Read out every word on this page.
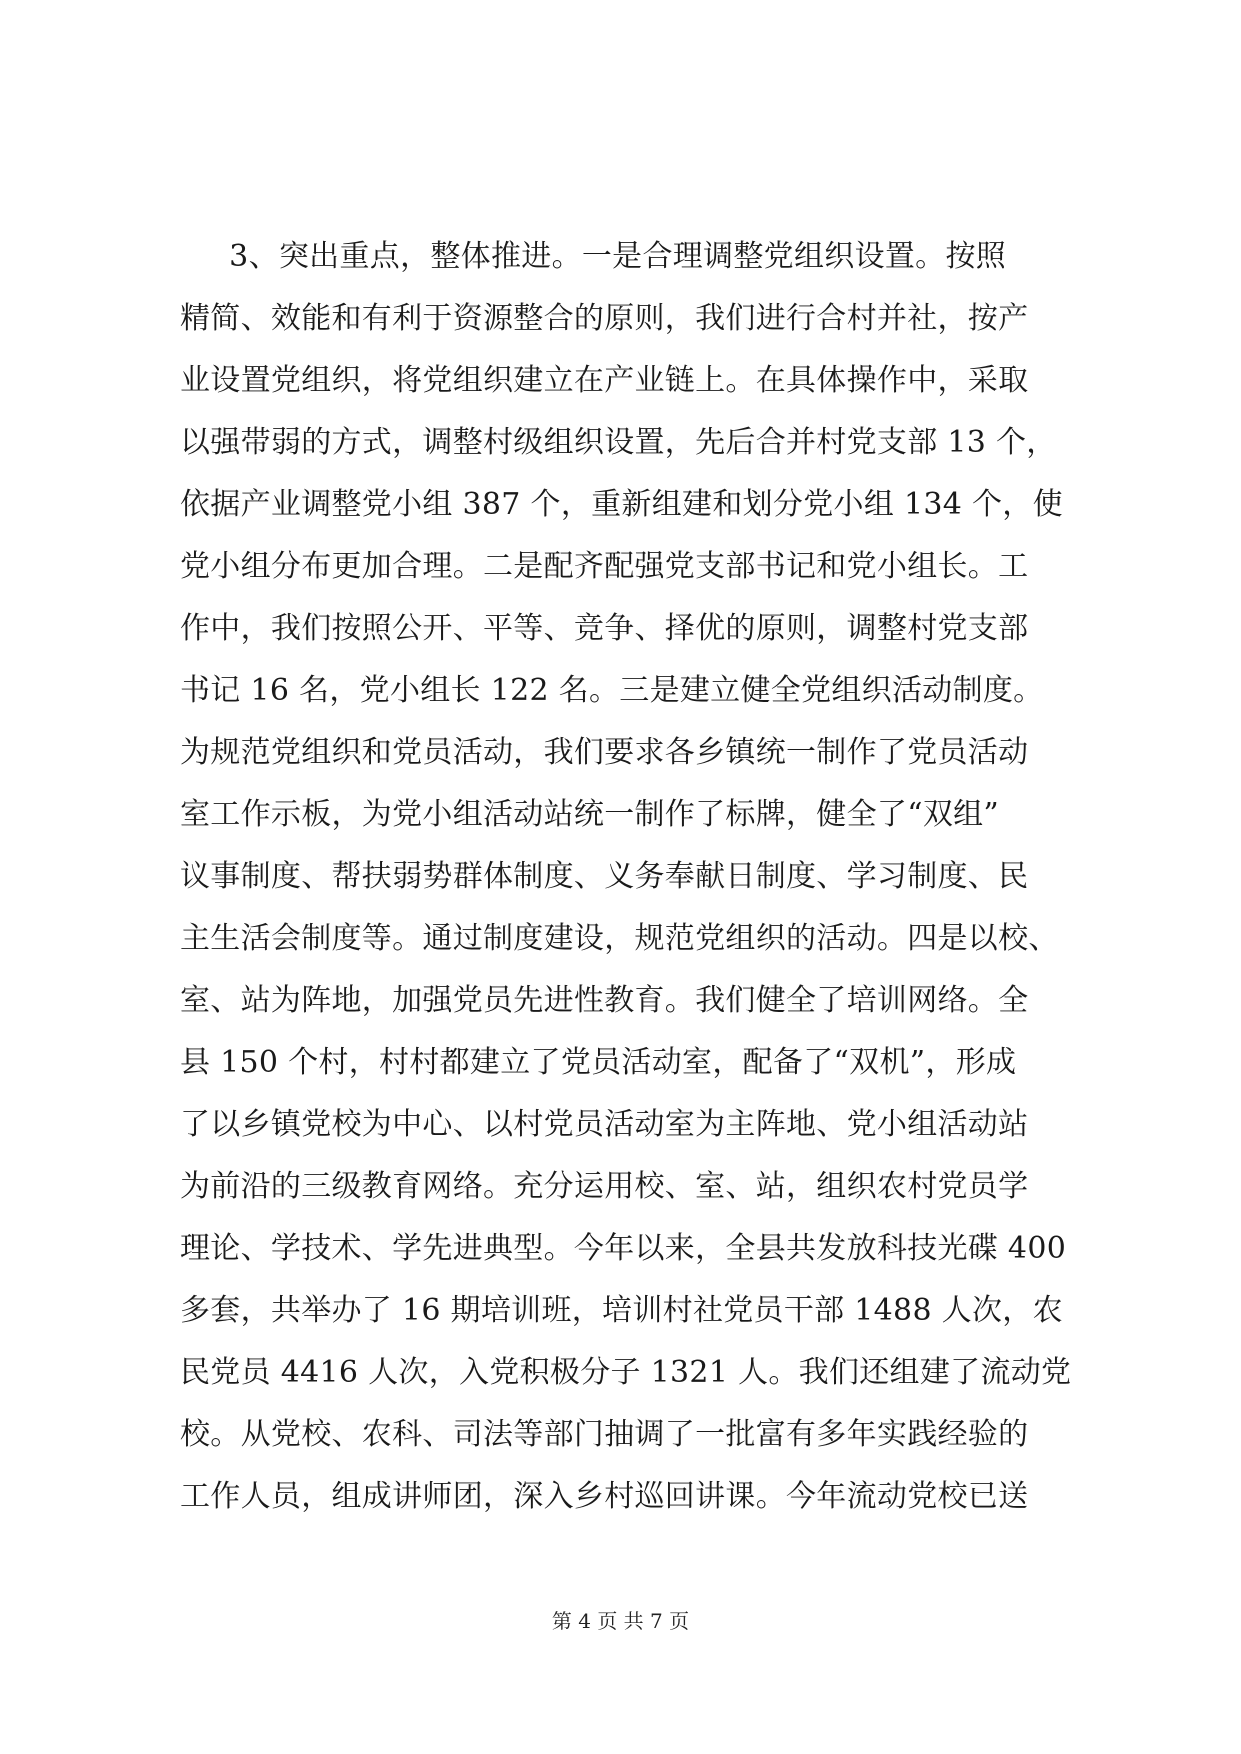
3、突出重点，整体推进。一是合理调整党组织设置。按照
精简、效能和有利于资源整合的原则，我们进行合村并社，按产
业设置党组织，将党组织建立在产业链上。在具体操作中，采取
以强带弱的方式，调整村级组织设置，先后合并村党支部 13 个，
依据产业调整党小组 387 个，重新组建和划分党小组 134 个，使
党小组分布更加合理。二是配齐配强党支部书记和党小组长。工
作中，我们按照公开、平等、竞争、择优的原则，调整村党支部
书记 16 名，党小组长 122 名。三是建立健全党组织活动制度。
为规范党组织和党员活动，我们要求各乡镇统一制作了党员活动
室工作示板，为党小组活动站统一制作了标牌，健全了“双组”
议事制度、帮扶弱势群体制度、义务奉献日制度、学习制度、民
主生活会制度等。通过制度建设，规范党组织的活动。四是以校、
室、站为阵地，加强党员先进性教育。我们健全了培训网络。全
县 150 个村，村村都建立了党员活动室，配备了“双机”，形成
了以乡镇党校为中心、以村党员活动室为主阵地、党小组活动站
为前沿的三级教育网络。充分运用校、室、站，组织农村党员学
理论、学技术、学先进典型。今年以来，全县共发放科技光碟 400
多套，共举办了 16 期培训班，培训村社党员干部 1488 人次，农
民党员 4416 人次，入党积极分子 1321 人。我们还组建了流动党
校。从党校、农科、司法等部门抽调了一批富有多年实践经验的
工作人员，组成讲师团，深入乡村巡回讲课。今年流动党校已送
第 4 页 共 7 页
